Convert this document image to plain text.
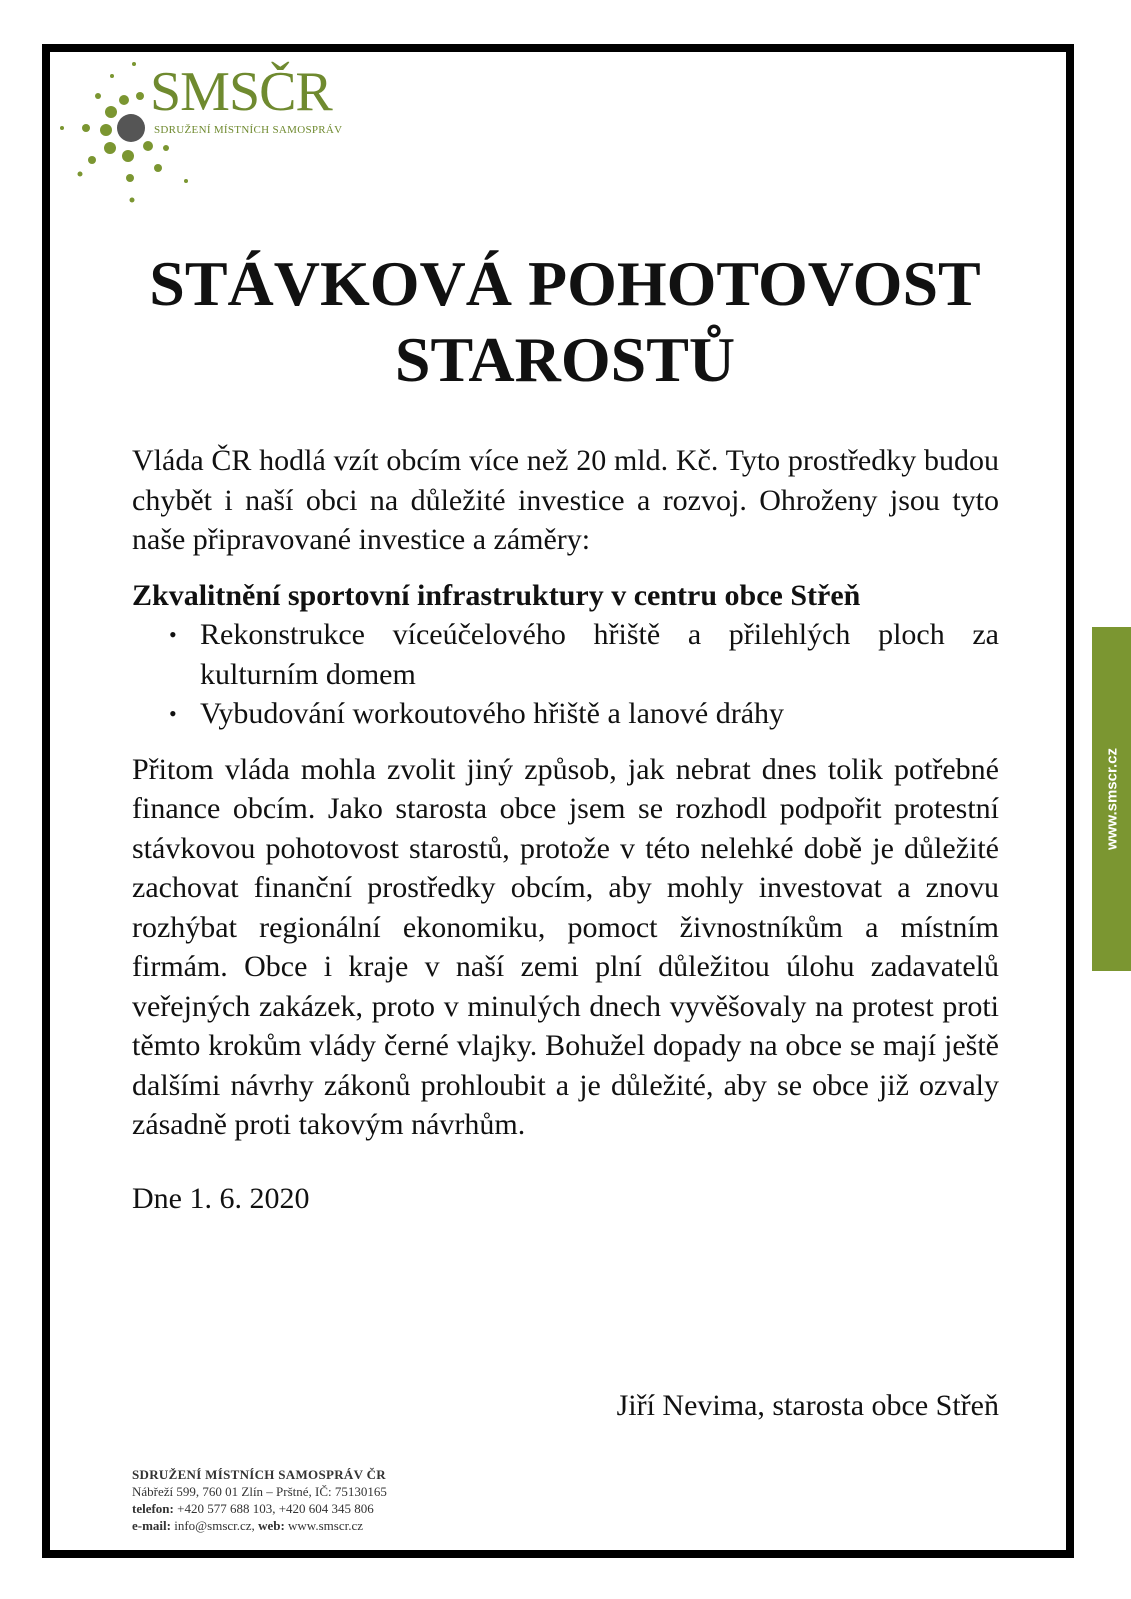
SMSČR
SDRUŽENÍ MÍSTNÍCH SAMOSPRÁV
www.smscr.cz
STÁVKOVÁ POHOTOVOST
STAROSTŮ

Vláda ČR hodlá vzít obcím více než 20 mld. Kč. Tyto prostředky budou chybět i naší obci na důležité investice a rozvoj. Ohroženy jsou tyto naše připravované investice a záměry:

Zkvalitnění sportovní infrastruktury v centru obce Střeň

• Rekonstrukce víceúčelového hřiště a přilehlých ploch za kulturním domem
• Vybudování workoutového hřiště a lanové dráhy

Přitom vláda mohla zvolit jiný způsob, jak nebrat dnes tolik potřebné finance obcím. Jako starosta obce jsem se rozhodl podpořit protestní stávkovou pohotovost starostů, protože v této nelehké době je důležité zachovat finanční prostředky obcím, aby mohly investovat a znovu rozhýbat regionální ekonomiku, pomoct živnostníkům a místním firmám. Obce i kraje v naší zemi plní důležitou úlohu zadavatelů veřejných zakázek, proto v minulých dnech vyvěšovaly na protest proti těmto krokům vlády černé vlajky. Bohužel dopady na obce se mají ještě dalšími návrhy zákonů prohloubit a je důležité, aby se obce již ozvaly zásadně proti takovým návrhům.

Dne 1. 6. 2020

Jiří Nevima, starosta obce Střeň
SDRUŽENÍ MÍSTNÍCH SAMOSPRÁV ČR
Nábřeží 599, 760 01 Zlín – Prštné, IČ: 75130165
telefon: +420 577 688 103, +420 604 345 806
e-mail: info@smscr.cz, web: www.smscr.cz
